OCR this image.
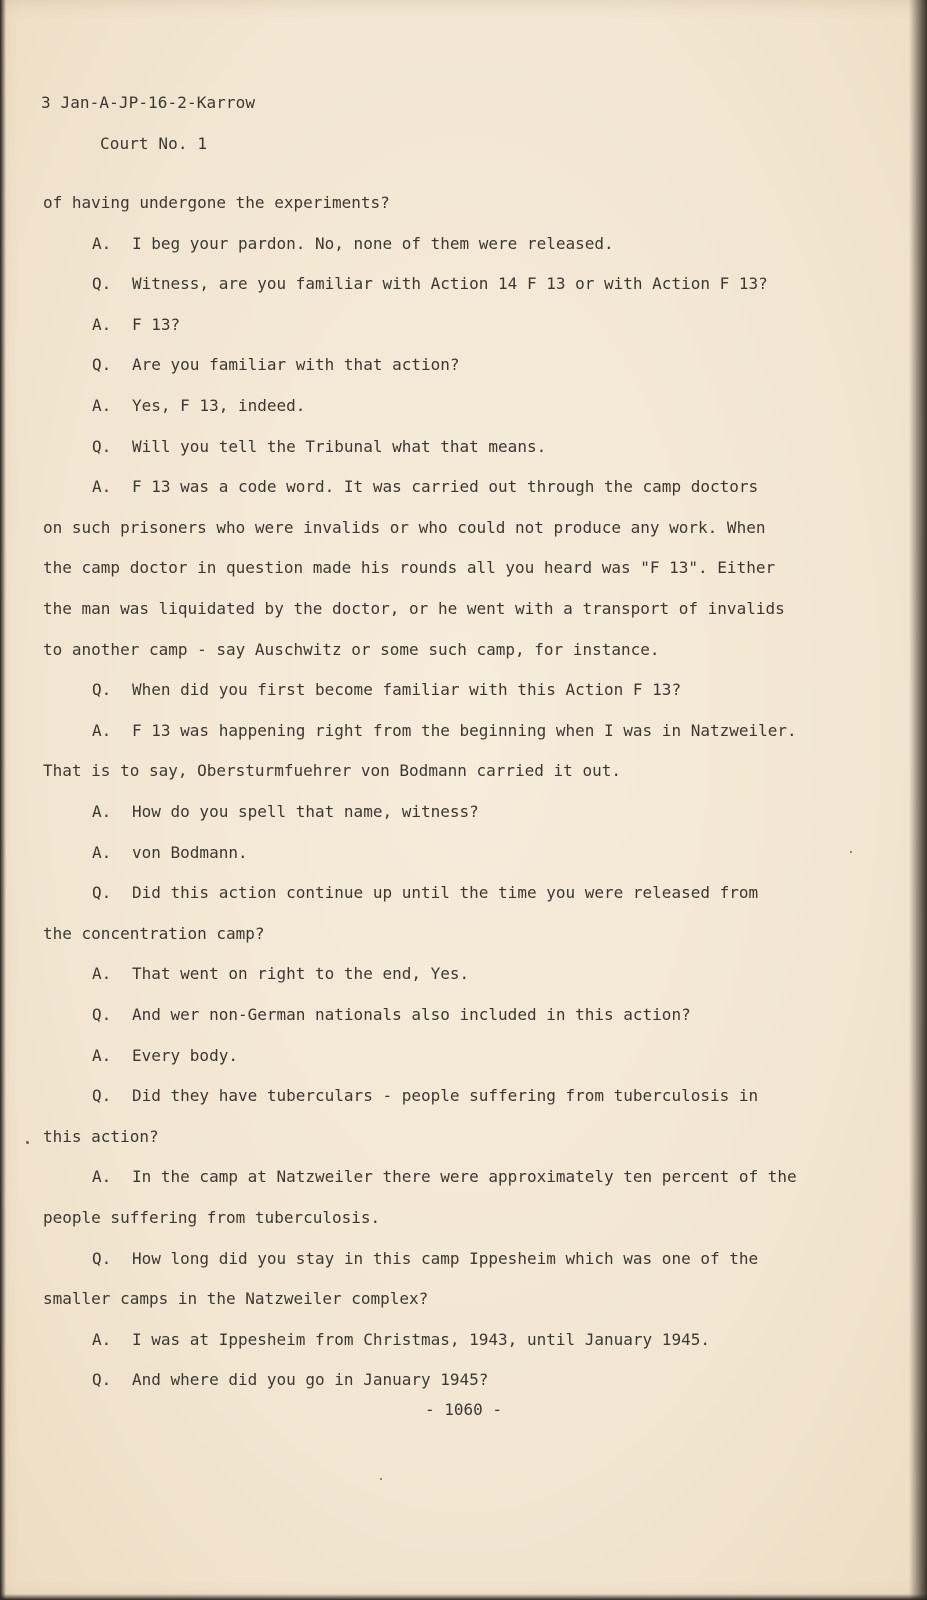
3 Jan-A-JP-16-2-Karrow
Court No. 1
of having undergone the experiments?
A. I beg your pardon. No, none of them were released.
Q. Witness, are you familiar with Action 14 F 13 or with Action F 13?
A. F 13?
Q. Are you familiar with that action?
A. Yes, F 13, indeed.
Q. Will you tell the Tribunal what that means.
A. F 13 was a code word. It was carried out through the camp doctors
on such prisoners who were invalids or who could not produce any work. When
the camp doctor in question made his rounds all you heard was "F 13". Either
the man was liquidated by the doctor, or he went with a transport of invalids
to another camp - say Auschwitz or some such camp, for instance.
Q. When did you first become familiar with this Action F 13?
A. F 13 was happening right from the beginning when I was in Natzweiler.
That is to say, Obersturmfuehrer von Bodmann carried it out.
A. How do you spell that name, witness?
A. von Bodmann.
Q. Did this action continue up until the time you were released from
the concentration camp?
A. That went on right to the end, Yes.
Q. And wer non-German nationals also included in this action?
A. Every body.
Q. Did they have tuberculars - people suffering from tuberculosis in
this action?
A. In the camp at Natzweiler there were approximately ten percent of the
people suffering from tuberculosis.
Q. How long did you stay in this camp Ippesheim which was one of the
smaller camps in the Natzweiler complex?
A. I was at Ippesheim from Christmas, 1943, until January 1945.
Q. And where did you go in January 1945?
- 1060 -
